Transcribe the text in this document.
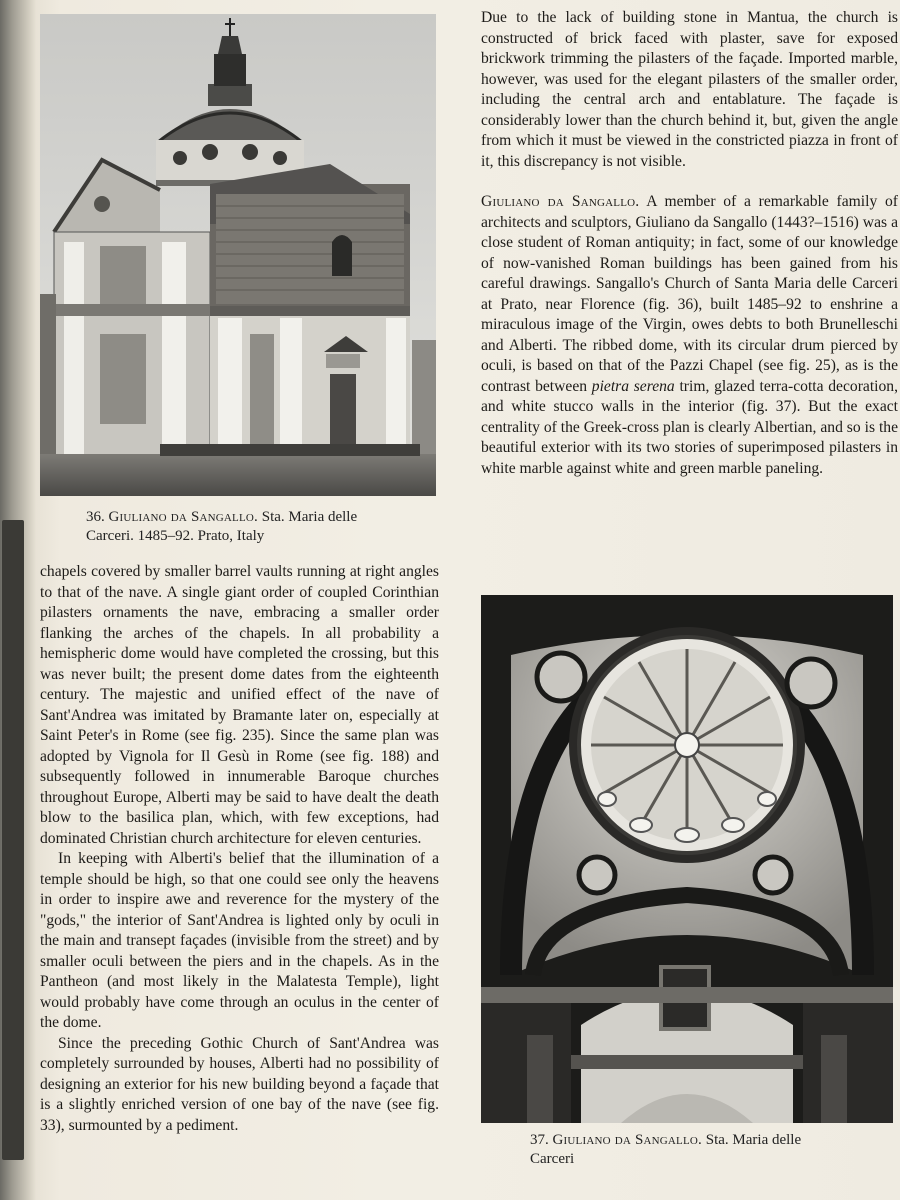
36. Giuliano da Sangallo. Sta. Maria delle
Carceri. 1485–92. Prato, Italy

Due to the lack of building stone in Mantua, the church is constructed of brick faced with plaster, save for exposed brickwork trimming the pilasters of the façade. Imported marble, however, was used for the elegant pilasters of the smaller order, including the central arch and entablature. The façade is considerably lower than the church behind it, but, given the angle from which it must be viewed in the constricted piazza in front of it, this discrepancy is not visible.

Giuliano da Sangallo. A member of a remarkable family of architects and sculptors, Giuliano da Sangallo (1443?–1516) was a close student of Roman antiquity; in fact, some of our knowledge of now-vanished Roman buildings has been gained from his careful drawings. Sangallo's Church of Santa Maria delle Carceri at Prato, near Florence (fig. 36), built 1485–92 to enshrine a miraculous image of the Virgin, owes debts to both Brunelleschi and Alberti. The ribbed dome, with its circular drum pierced by oculi, is based on that of the Pazzi Chapel (see fig. 25), as is the contrast between pietra serena trim, glazed terra-cotta decoration, and white stucco walls in the interior (fig. 37). But the exact centrality of the Greek-cross plan is clearly Albertian, and so is the beautiful exterior with its two stories of superimposed pilasters in white marble against white and green marble paneling.

chapels covered by smaller barrel vaults running at right angles to that of the nave. A single giant order of coupled Corinthian pilasters ornaments the nave, embracing a smaller order flanking the arches of the chapels. In all probability a hemispheric dome would have completed the crossing, but this was never built; the present dome dates from the eighteenth century. The majestic and unified effect of the nave of Sant'Andrea was imitated by Bramante later on, especially at Saint Peter's in Rome (see fig. 235). Since the same plan was adopted by Vignola for Il Gesù in Rome (see fig. 188) and subsequently followed in innumerable Baroque churches throughout Europe, Alberti may be said to have dealt the death blow to the basilica plan, which, with few exceptions, had dominated Christian church architecture for eleven centuries.

In keeping with Alberti's belief that the illumination of a temple should be high, so that one could see only the heavens in order to inspire awe and reverence for the mystery of the "gods," the interior of Sant'Andrea is lighted only by oculi in the main and transept façades (invisible from the street) and by smaller oculi between the piers and in the chapels. As in the Pantheon (and most likely in the Malatesta Temple), light would probably have come through an oculus in the center of the dome.

Since the preceding Gothic Church of Sant'Andrea was completely surrounded by houses, Alberti had no possibility of designing an exterior for his new building beyond a façade that is a slightly enriched version of one bay of the nave (see fig. 33), surmounted by a pediment.

37. Giuliano da Sangallo. Sta. Maria delle
Carceri
